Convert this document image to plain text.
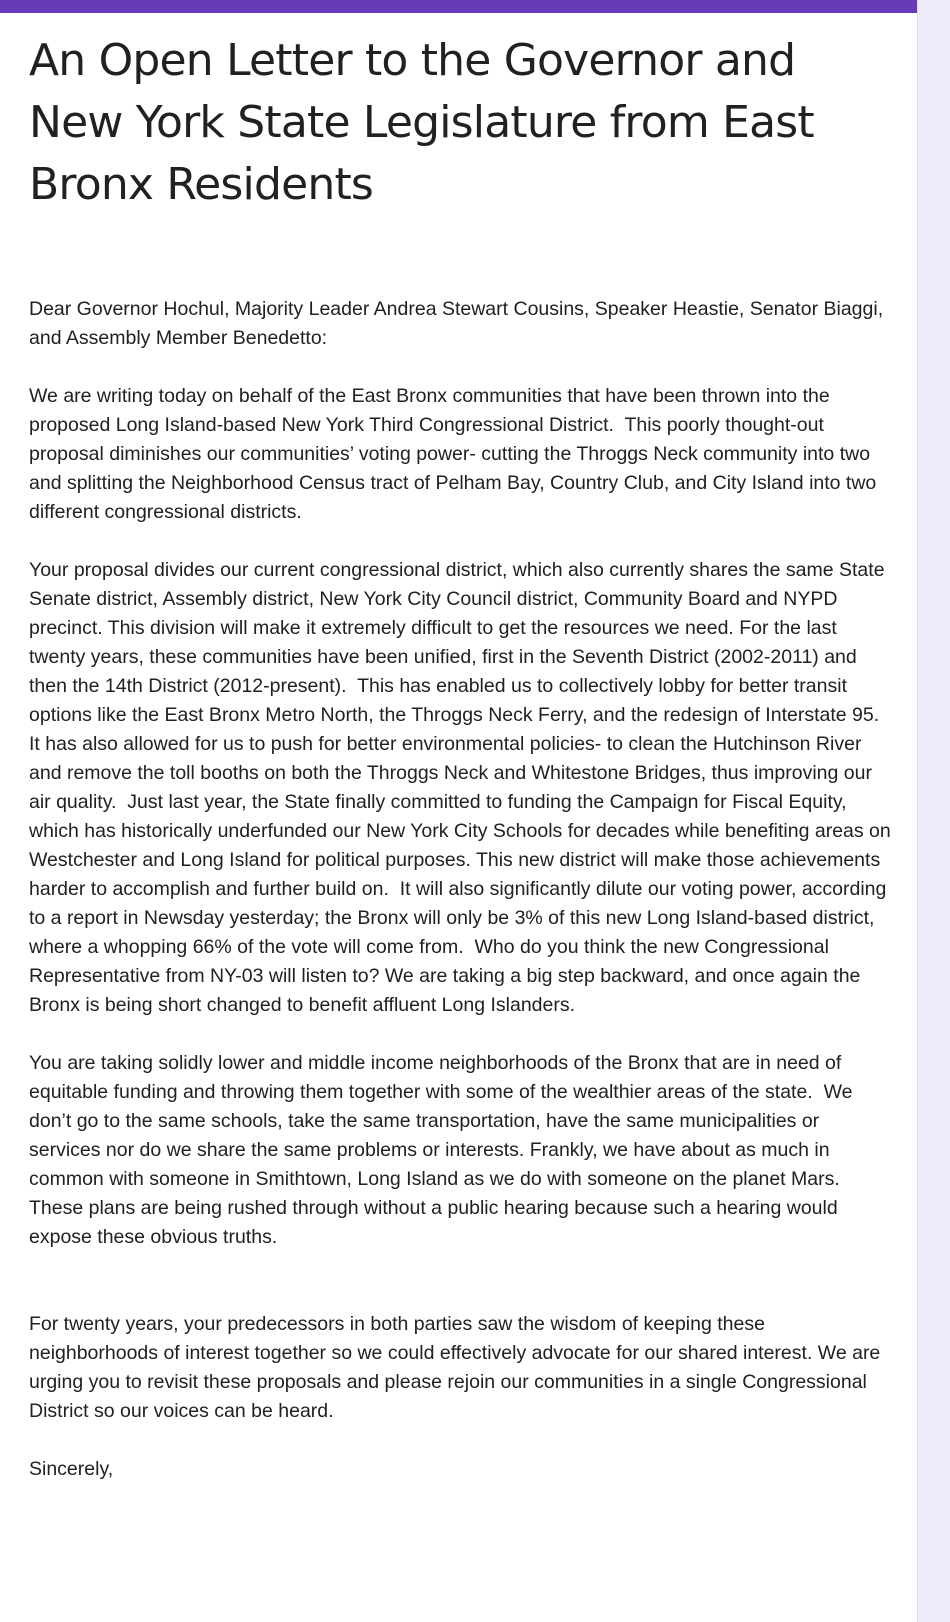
An Open Letter to the Governor and New York State Legislature from East Bronx Residents
Dear Governor Hochul, Majority Leader Andrea Stewart Cousins, Speaker Heastie, Senator Biaggi, and Assembly Member Benedetto:

We are writing today on behalf of the East Bronx communities that have been thrown into the proposed Long Island-based New York Third Congressional District.  This poorly thought-out proposal diminishes our communities’ voting power- cutting the Throggs Neck community into two and splitting the Neighborhood Census tract of Pelham Bay, Country Club, and City Island into two different congressional districts.

Your proposal divides our current congressional district, which also currently shares the same State Senate district, Assembly district, New York City Council district, Community Board and NYPD precinct. This division will make it extremely difficult to get the resources we need. For the last twenty years, these communities have been unified, first in the Seventh District (2002-2011) and then the 14th District (2012-present).  This has enabled us to collectively lobby for better transit options like the East Bronx Metro North, the Throggs Neck Ferry, and the redesign of Interstate 95. It has also allowed for us to push for better environmental policies- to clean the Hutchinson River and remove the toll booths on both the Throggs Neck and Whitestone Bridges, thus improving our air quality.  Just last year, the State finally committed to funding the Campaign for Fiscal Equity, which has historically underfunded our New York City Schools for decades while benefiting areas on Westchester and Long Island for political purposes. This new district will make those achievements harder to accomplish and further build on.  It will also significantly dilute our voting power, according to a report in Newsday yesterday; the Bronx will only be 3% of this new Long Island-based district, where a whopping 66% of the vote will come from.  Who do you think the new Congressional Representative from NY-03 will listen to? We are taking a big step backward, and once again the Bronx is being short changed to benefit affluent Long Islanders.

You are taking solidly lower and middle income neighborhoods of the Bronx that are in need of equitable funding and throwing them together with some of the wealthier areas of the state.  We don’t go to the same schools, take the same transportation, have the same municipalities or services nor do we share the same problems or interests. Frankly, we have about as much in common with someone in Smithtown, Long Island as we do with someone on the planet Mars.  These plans are being rushed through without a public hearing because such a hearing would expose these obvious truths.

For twenty years, your predecessors in both parties saw the wisdom of keeping these neighborhoods of interest together so we could effectively advocate for our shared interest. We are urging you to revisit these proposals and please rejoin our communities in a single Congressional District so our voices can be heard.

Sincerely,
